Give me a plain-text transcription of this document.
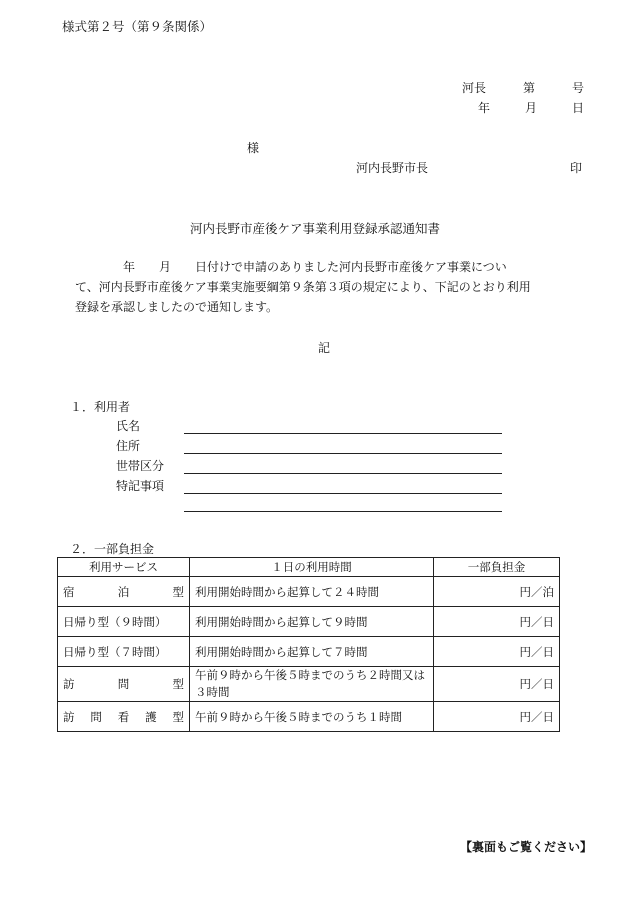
様式第２号（第９条関係）
河長	第	号
年	月	日
様
河内長野市長	印
河内長野市産後ケア事業利用登録承認通知書
　　　　年　　月　　日付けで申請のありました河内長野市産後ケア事業につい
て、河内長野市産後ケア事業実施要綱第９条第３項の規定により、下記のとおり利用
登録を承認しましたので通知します。
記
１．利用者
氏名
住所
世帯区分
特記事項
２．一部負担金
利用サービス	１日の利用時間	一部負担金

宿 泊 型	利用開始時間から起算して２４時間	円／泊
日帰り型（９時間）	利用開始時間から起算して９時間	円／日
日帰り型（７時間）	利用開始時間から起算して７時間	円／日

訪 問 型	午前９時から午後５時までのうち２時間又は３時間	円／日

訪 問 看 護 型	午前９時から午後５時までのうち１時間	円／日
【裏面もご覧ください】
